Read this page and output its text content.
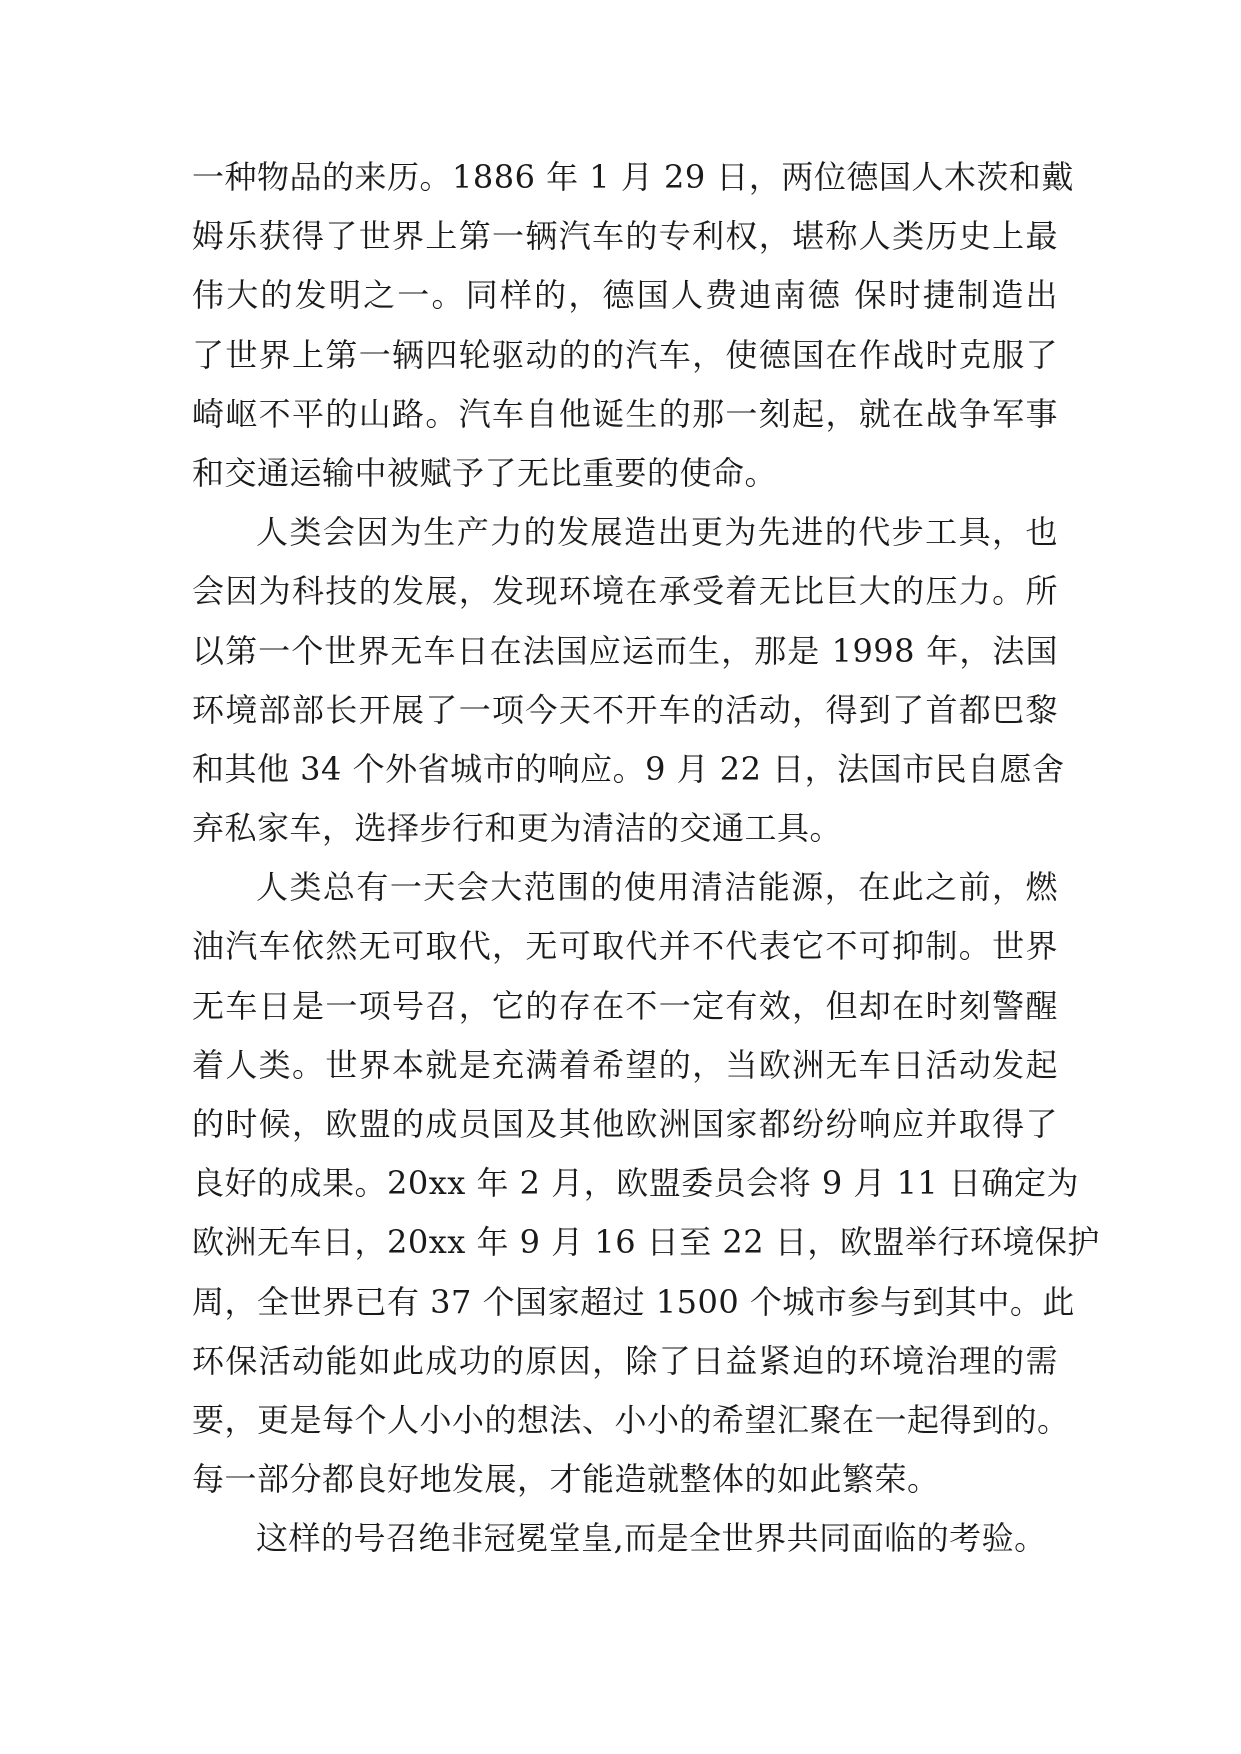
一种物品的来历。1886 年 1 月 29 日，两位德国人木茨和戴
姆乐获得了世界上第一辆汽车的专利权，堪称人类历史上最
伟大的发明之一。同样的，德国人费迪南德 保时捷制造出
了世界上第一辆四轮驱动的的汽车，使德国在作战时克服了
崎岖不平的山路。汽车自他诞生的那一刻起，就在战争军事
和交通运输中被赋予了无比重要的使命。
人类会因为生产力的发展造出更为先进的代步工具，也
会因为科技的发展，发现环境在承受着无比巨大的压力。所
以第一个世界无车日在法国应运而生，那是 1998 年，法国
环境部部长开展了一项今天不开车的活动，得到了首都巴黎
和其他 34 个外省城市的响应。9 月 22 日，法国市民自愿舍
弃私家车，选择步行和更为清洁的交通工具。
人类总有一天会大范围的使用清洁能源，在此之前，燃
油汽车依然无可取代，无可取代并不代表它不可抑制。世界
无车日是一项号召，它的存在不一定有效，但却在时刻警醒
着人类。世界本就是充满着希望的，当欧洲无车日活动发起
的时候，欧盟的成员国及其他欧洲国家都纷纷响应并取得了
良好的成果。20xx 年 2 月，欧盟委员会将 9 月 11 日确定为
欧洲无车日，20xx 年 9 月 16 日至 22 日，欧盟举行环境保护
周，全世界已有 37 个国家超过 1500 个城市参与到其中。此
环保活动能如此成功的原因，除了日益紧迫的环境治理的需
要，更是每个人小小的想法、小小的希望汇聚在一起得到的。
每一部分都良好地发展，才能造就整体的如此繁荣。
这样的号召绝非冠冕堂皇,而是全世界共同面临的考验。
